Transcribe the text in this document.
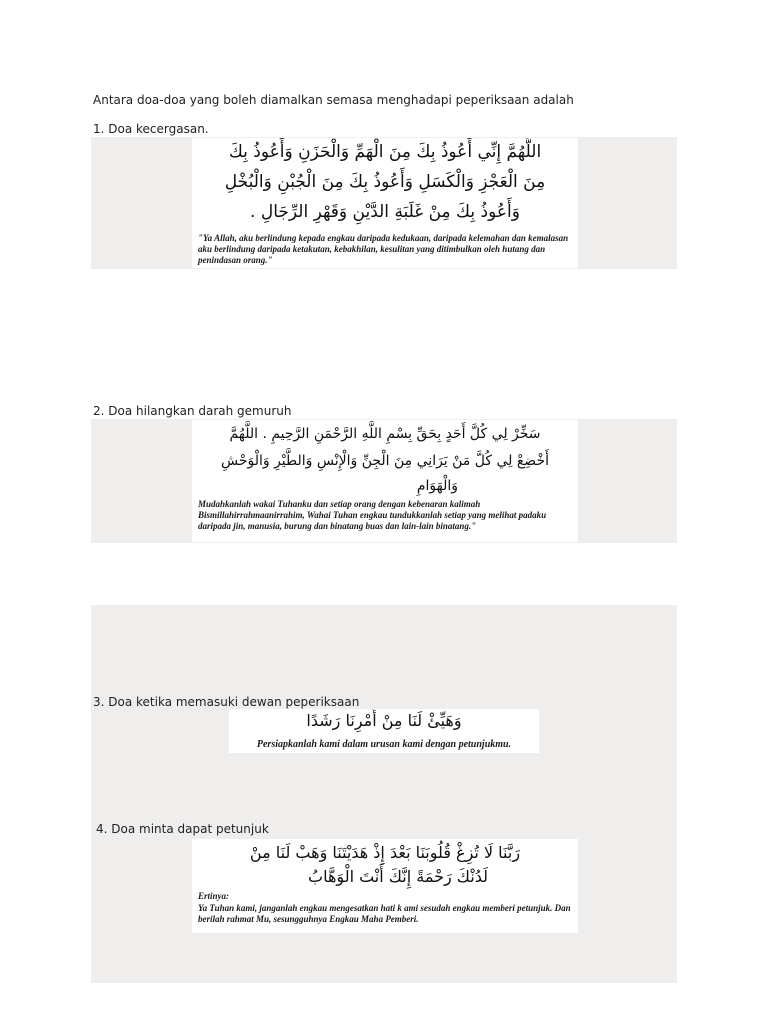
Antara doa-doa yang boleh diamalkan semasa menghadapi peperiksaan adalah
1. Doa kecergasan.
اللَّهُمَّ إِنِّي أَعُوذُ بِكَ مِنَ الْهَمِّ وَالْحَزَنِ وَأَعُوذُ بِكَ
مِنَ الْعَجْزِ وَالْكَسَلِ وَأَعُوذُ بِكَ مِنَ الْجُبْنِ وَالْبُخْلِ
وَأَعُوذُ بِكَ مِنْ غَلَبَةِ الدَّيْنِ وَقَهْرِ الرِّجَالِ .
"Ya Allah, aku berlindung kepada engkau daripada kedukaan, daripada kelemahan dan kemalasan aku berlindung daripada ketakutan, kebakhilan, kesulitan yang ditimbulkan oleh hutang dan penindasan orang."
2. Doa hilangkan darah gemuruh
سَخِّرْ لِي كُلَّ أَحَدٍ بِحَقِّ بِسْمِ اللَّهِ الرَّحْمَنِ الرَّحِيمِ . اللَّهُمَّ
أَخْضِعْ لِي كُلَّ مَنْ يَرَانِي مِنَ الْجِنِّ وَالْإِنْسِ وَالطَّيْرِ وَالْوَحْشِ
وَالْهَوَامِ
Mudahkanlah wakai Tuhanku dan setiap orang dengan kebenaran kalimah Bismillahirrahmaanirrahim, Wahai Tuhan engkau tundukkanlah setiap yang melihat padaku daripada jin, manusia, burung dan binatang buas dan lain-lain binatang."
3. Doa ketika memasuki dewan peperiksaan
وَهَيِّئْ لَنَا مِنْ أَمْرِنَا رَشَدًا
Persiapkanlah kami dalam urusan kami dengan petunjukmu.
4. Doa minta dapat petunjuk
رَبَّنَا لَا تُزِغْ قُلُوبَنَا بَعْدَ إِذْ هَدَيْتَنَا وَهَبْ لَنَا مِنْ
لَدُنْكَ رَحْمَةً إِنَّكَ أَنْتَ الْوَهَّابُ
Ertinya:
Ya Tuhan kami, janganlah engkau mengesatkan hati k ami sesudah engkau memberi petunjuk. Dan berilah rahmat Mu, sesungguhnya Engkau Maha Pemberi.
